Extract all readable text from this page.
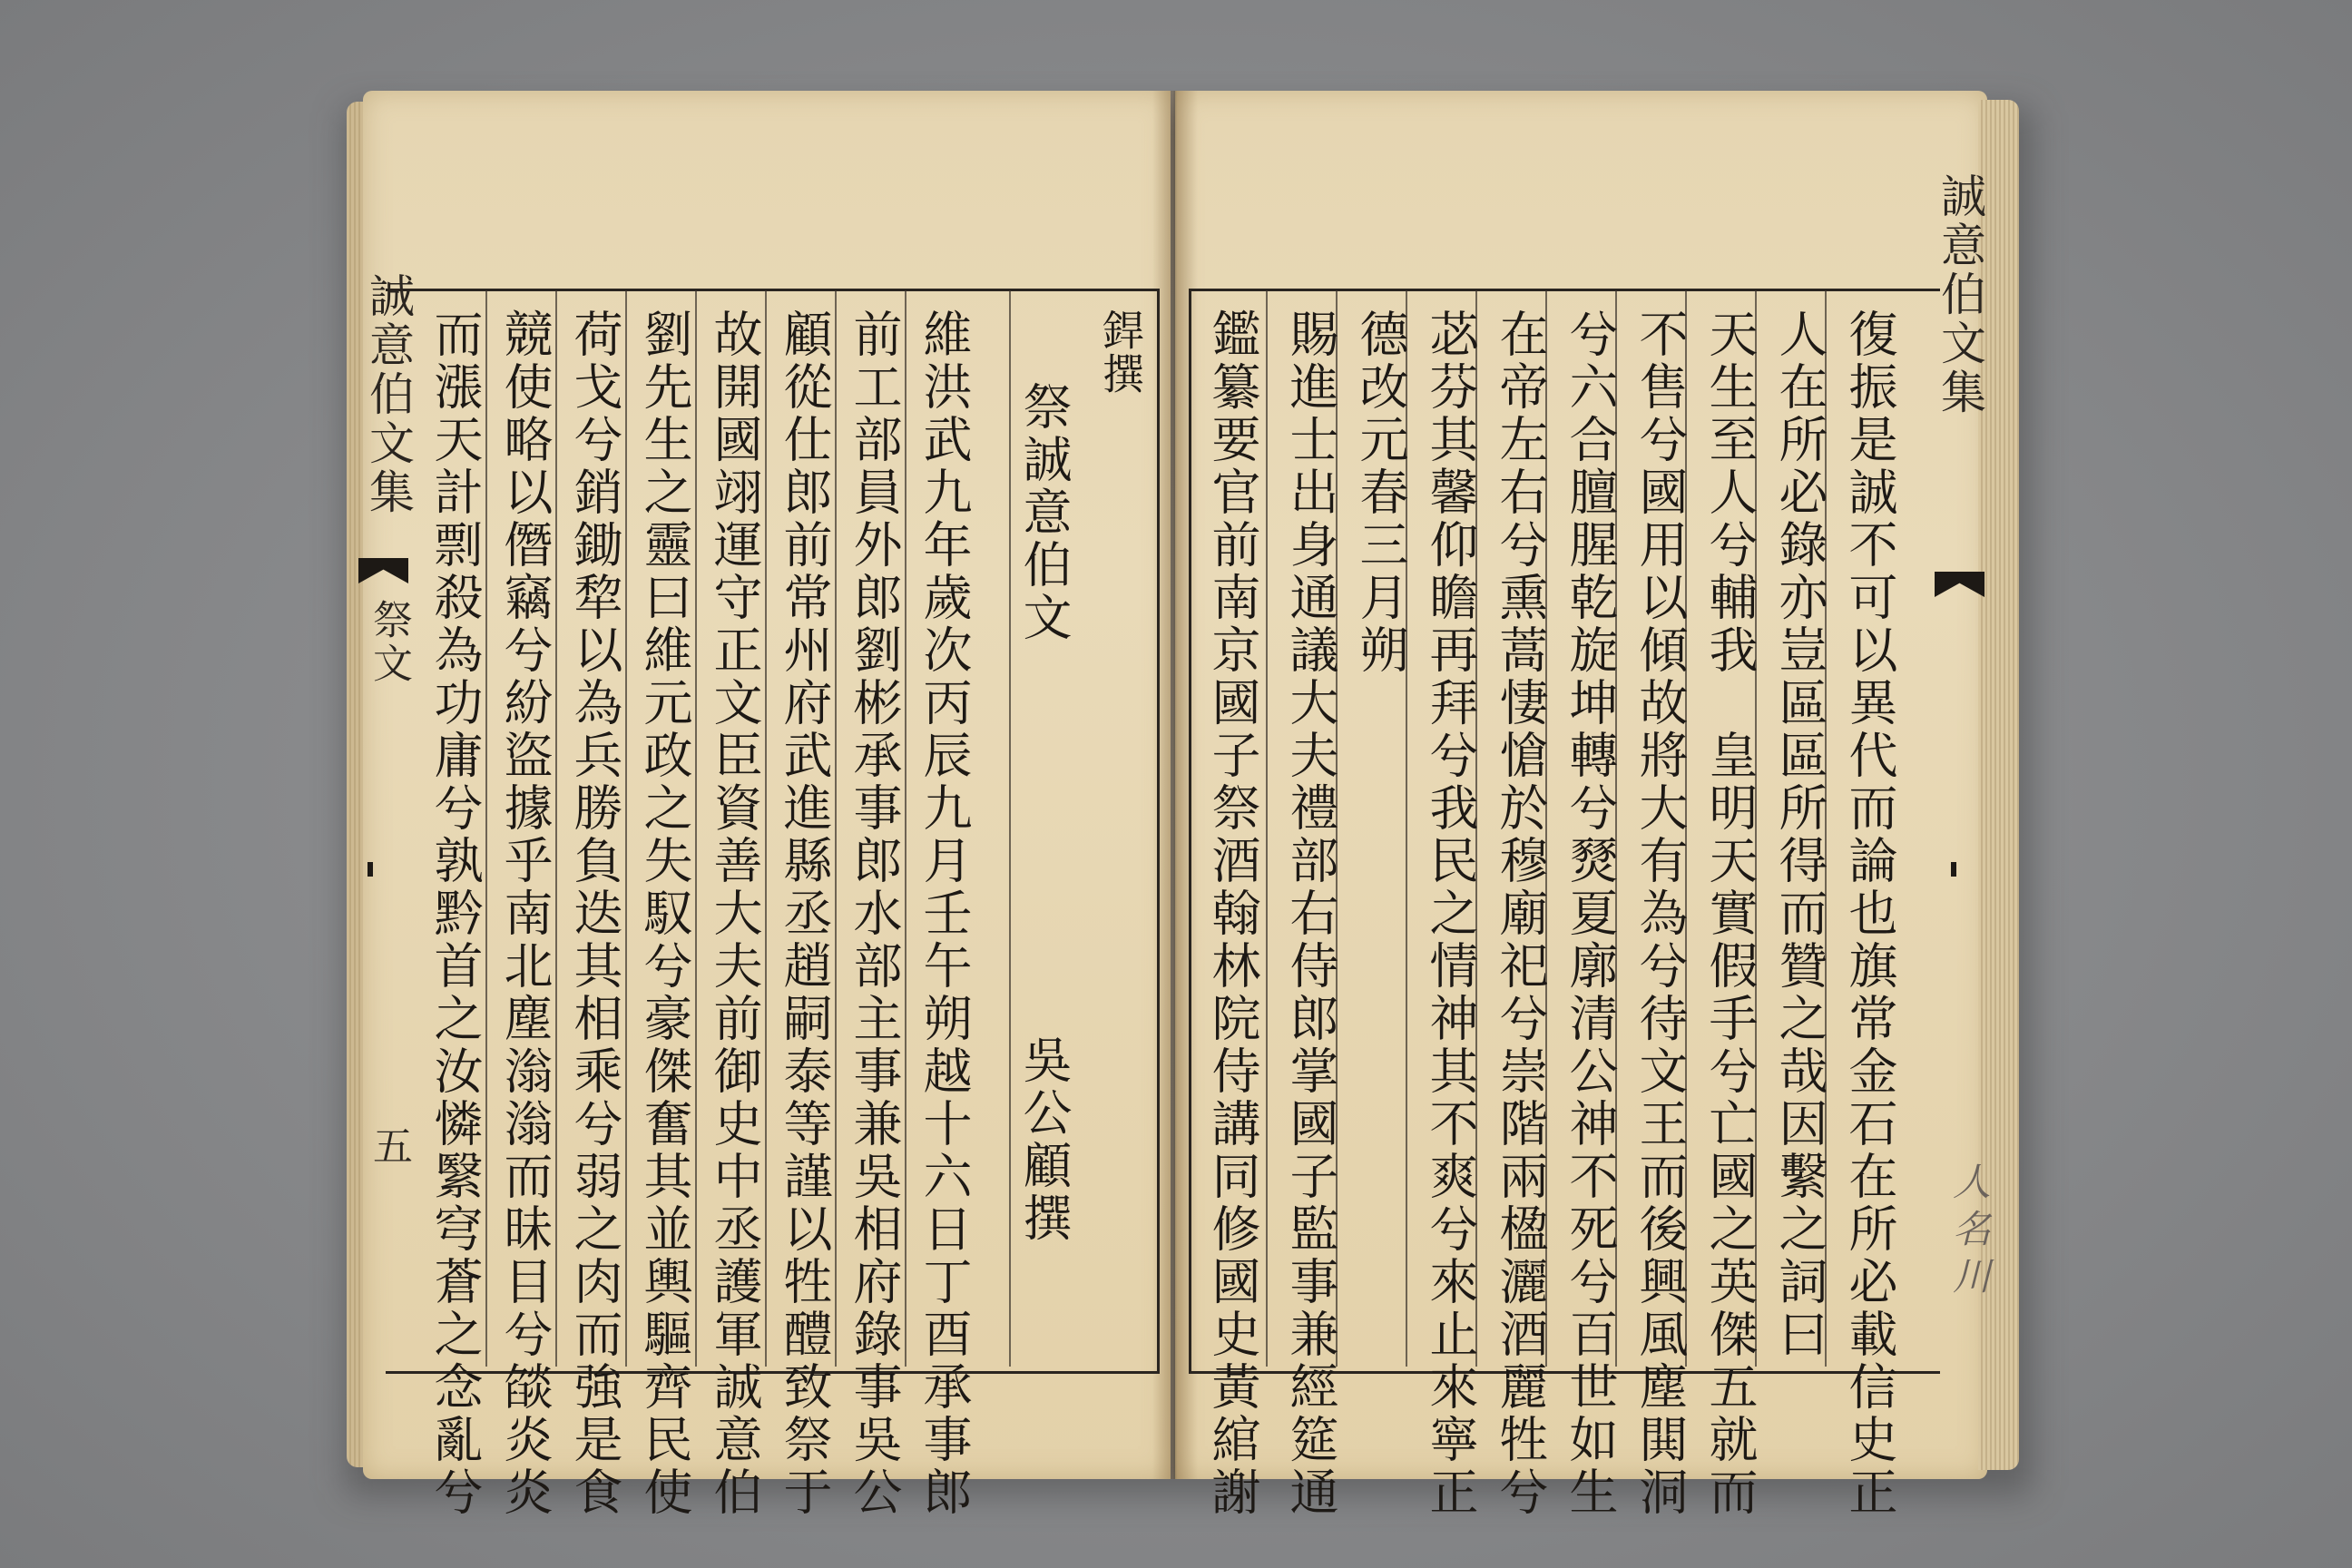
誠意伯文集
祭文
五
銲撰
祭誠意伯文
吳公顧撰
維洪武九年歲次丙辰九月壬午朔越十六日丁酉承事郎
前工部員外郎劉彬承事郎水部主事兼吳相府錄事吳公
顧從仕郎前常州府武進縣丞趙嗣泰等謹以牲醴致祭于
故開國翊運守正文臣資善大夫前御史中丞護軍誠意伯
劉先生之靈曰維元政之失馭兮豪傑奮其並輿驅齊民使
荷戈兮銷鋤犂以為兵勝負迭其相乘兮弱之肉而強是食
競使略以僭竊兮紛盜據乎南北塵滃滃而昧目兮燄炎炎
而漲天計剽殺為功庸兮孰黔首之汝憐繄穹蒼之念亂兮
誠意伯文集
人名川
復振是誠不可以異代而論也旗常金石在所必載信史正
人在所必錄亦豈區區所得而贊之哉因繫之詞曰
天生至人兮輔我　皇明天實假手兮亡國之英傑五就而
不售兮國用以傾故將大有為兮待文王而後興風塵閧洞
兮六合膻腥乾旋坤轉兮燹夏廓清公神不死兮百世如生
在帝左右兮熏蒿悽愴於穆廟祀兮崇階兩楹灑酒麗牲兮
苾芬其馨仰瞻再拜兮我民之情神其不爽兮來止來寧正
德改元春三月朔
賜進士出身通議大夫禮部右侍郎掌國子監事兼經筵通
鑑纂要官前南京國子祭酒翰林院侍講同修國史黃綰謝
